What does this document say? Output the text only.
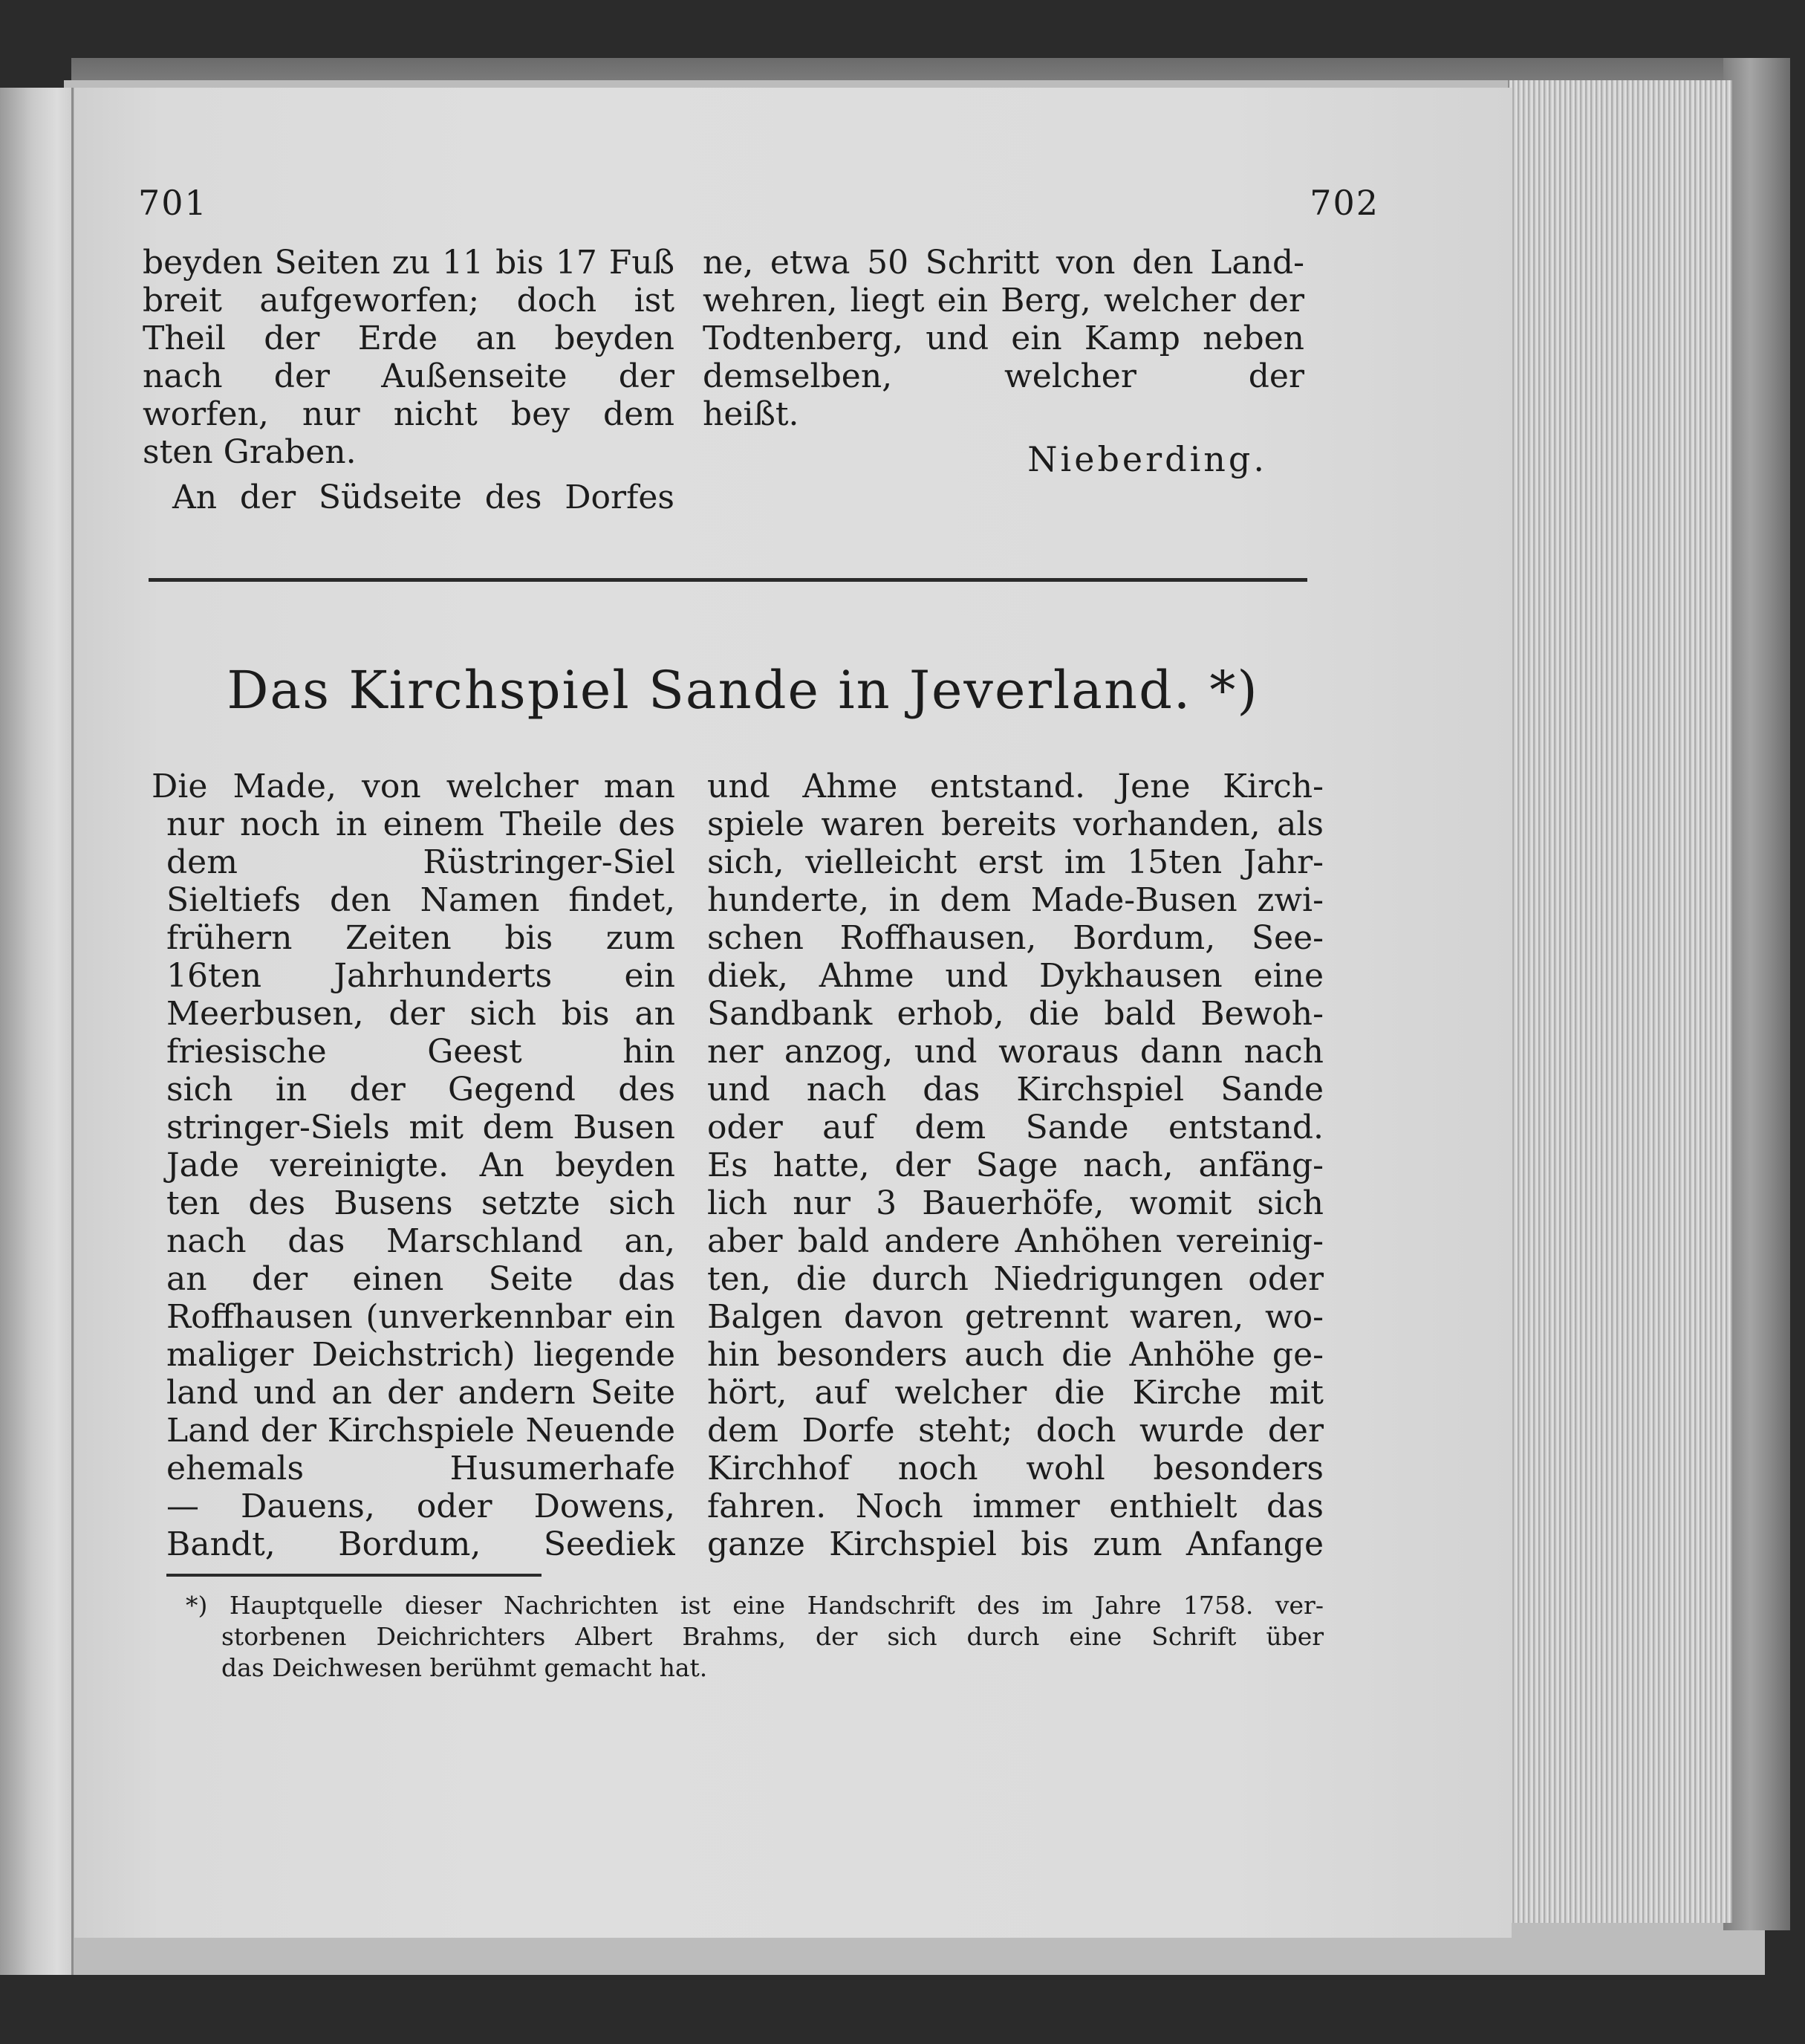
701	702
beyden Seiten zu 11 bis 17 Fuß
breit aufgeworfen; doch ist
Theil der Erde an beyden
nach der Außenseite der
worfen, nur nicht bey dem
sten Graben.
An der Südseite des Dorfes
ne, etwa 50 Schritt von den Land-
wehren, liegt ein Berg, welcher der
Todtenberg, und ein Kamp neben
demselben, welcher der
heißt.
Nieberding.
Das Kirchspiel Sande in Jeverland. *)
Die Made, von welcher man
nur noch in einem Theile des
dem Rüstringer-Siel
Sieltiefs den Namen findet,
frühern Zeiten bis zum
16ten Jahrhunderts ein
Meerbusen, der sich bis an
friesische Geest hin
sich in der Gegend des
stringer-Siels mit dem Busen
Jade vereinigte. An beyden
ten des Busens setzte sich
nach das Marschland an,
an der einen Seite das
Roffhausen (unverkennbar ein
maliger Deichstrich) liegende
land und an der andern Seite
Land der Kirchspiele Neuende
ehemals Husumerhafe
— Dauens, oder Dowens,
Bandt, Bordum, Seediek
und Ahme entstand. Jene Kirch-
spiele waren bereits vorhanden, als
sich, vielleicht erst im 15ten Jahr-
hunderte, in dem Made-Busen zwi-
schen Roffhausen, Bordum, See-
diek, Ahme und Dykhausen eine
Sandbank erhob, die bald Bewoh-
ner anzog, und woraus dann nach
und nach das Kirchspiel Sande
oder auf dem Sande entstand.
Es hatte, der Sage nach, anfäng-
lich nur 3 Bauerhöfe, womit sich
aber bald andere Anhöhen vereinig-
ten, die durch Niedrigungen oder
Balgen davon getrennt waren, wo-
hin besonders auch die Anhöhe ge-
hört, auf welcher die Kirche mit
dem Dorfe steht; doch wurde der
Kirchhof noch wohl besonders
fahren. Noch immer enthielt das
ganze Kirchspiel bis zum Anfange
*) Hauptquelle dieser Nachrichten ist eine Handschrift des im Jahre 1758. ver-
storbenen Deichrichters Albert Brahms, der sich durch eine Schrift über
das Deichwesen berühmt gemacht hat.
